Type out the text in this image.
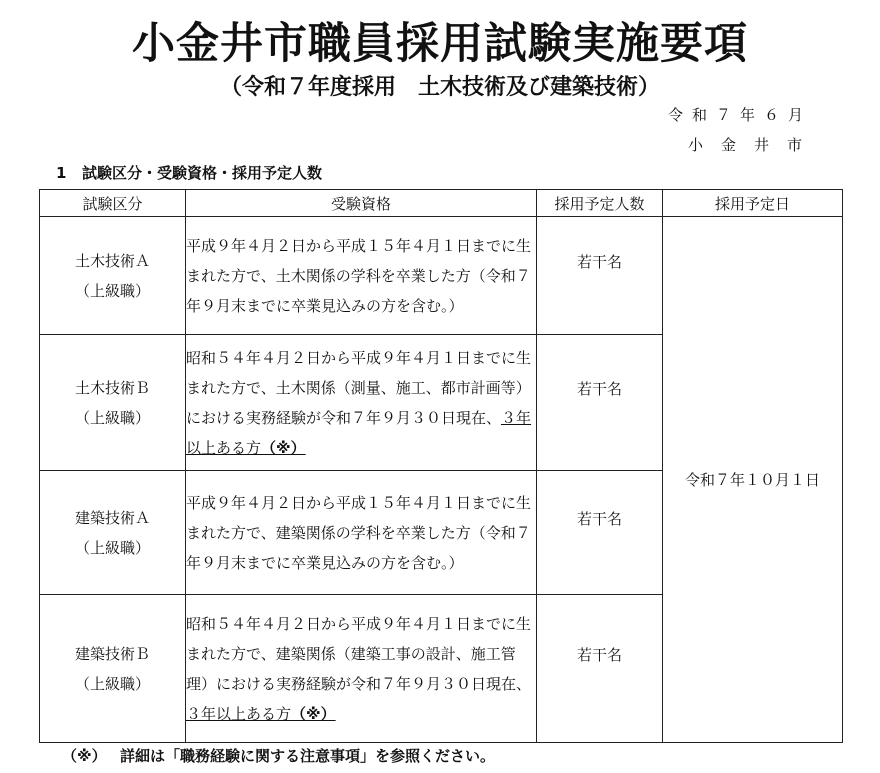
小金井市職員採用試験実施要項
（令和７年度採用　土木技術及び建築技術）
令和７年６月
小金井市
1 試験区分・受験資格・採用予定人数
試験区分	受験資格	採用予定人数	採用予定日

土木技術Ａ
（上級職）	平成９年４月２日から平成１５年４月１日までに生まれた方で、土木関係の学科を卒業した方（令和７年９月末までに卒業見込みの方を含む。）	若干名	令和７年１０月１日

土木技術Ｂ
（上級職）	昭和５４年４月２日から平成９年４月１日までに生まれた方で、土木関係（測量、施工、都市計画等）における実務経験が令和７年９月３０日現在、３年以上ある方（※）	若干名	

建築技術Ａ
（上級職）	平成９年４月２日から平成１５年４月１日までに生まれた方で、建築関係の学科を卒業した方（令和７年９月末までに卒業見込みの方を含む。）	若干名	

建築技術Ｂ
（上級職）	昭和５４年４月２日から平成９年４月１日までに生まれた方で、建築関係（建築工事の設計、施工管理）における実務経験が令和７年９月３０日現在、３年以上ある方（※）	若干名	
（※） 詳細は「職務経験に関する注意事項」を参照ください。
